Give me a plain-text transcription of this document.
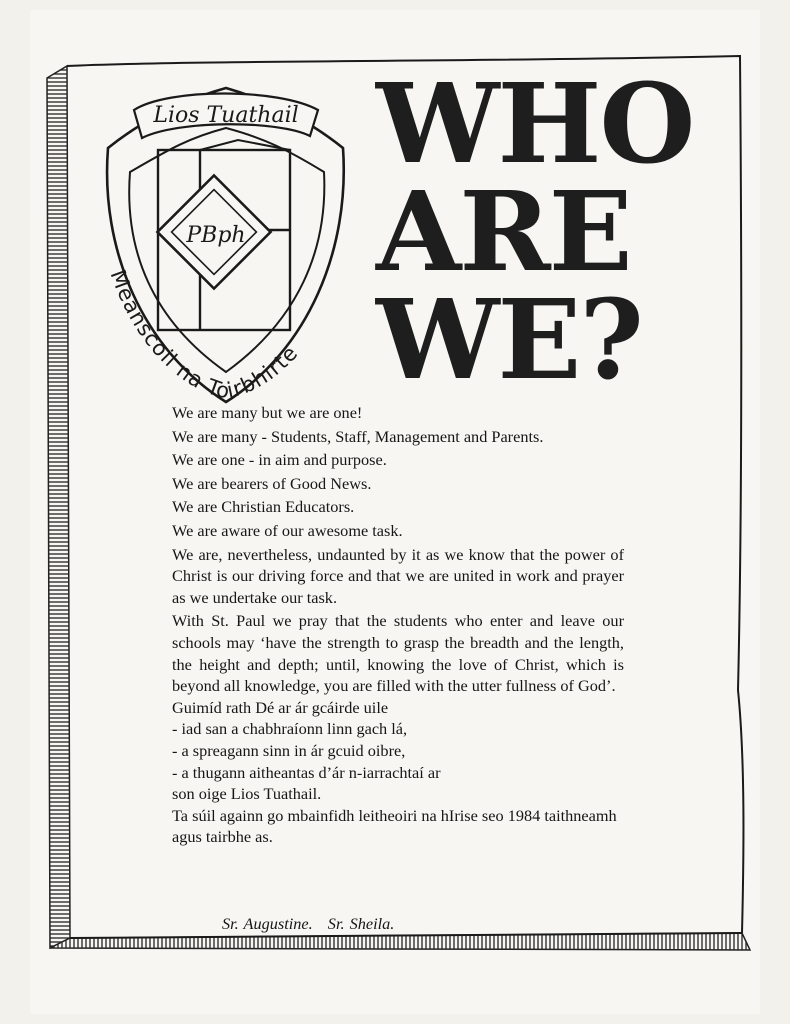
PBph
Lios Tuathail
Meanscoil na Toirbhirte
WHO
ARE
WE?

We are many but we are one!

We are many - Students, Staff, Management and Parents.

We are one - in aim and purpose.

We are bearers of Good News.

We are Christian Educators.

We are aware of our awesome task.

We are, nevertheless, undaunted by it as we know that the power of Christ is our driving force and that we are united in work and prayer as we undertake our task.

With St. Paul we pray that the students who enter and leave our schools may ‘have the strength to grasp the breadth and the length, the height and depth; until, knowing the love of Christ, which is beyond all knowledge, you are filled with the utter fullness of God’.

Guimíd rath Dé ar ár gcáirde uile

- iad san a chabhraíonn linn gach lá,

- a spreagann sinn in ár gcuid oibre,

- a thugann aitheantas d’ár n-iarrachtaí ar

son oige Lios Tuathail.

Ta súil againn go mbainfidh leitheoiri na hIrise seo 1984 taithneamh agus tairbhe as.

Sr. Augustine. Sr. Sheila.
